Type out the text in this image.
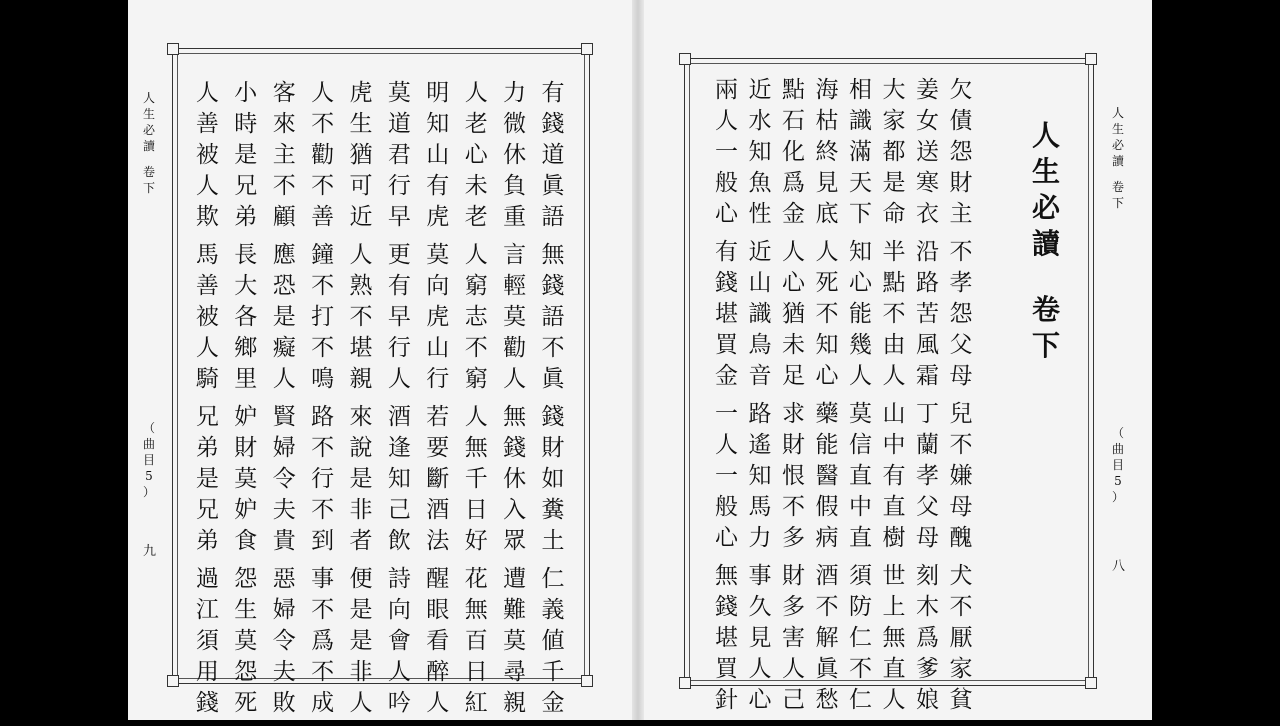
人
生
必
讀
卷
下
（
曲
目
5
）
九
有
錢
道
眞
語
無
錢
語
不
眞
錢
財
如
糞
土
仁
義
値
千
金
力
微
休
負
重
言
輕
莫
勸
人
無
錢
休
入
眾
遭
難
莫
尋
親
人
老
心
未
老
人
窮
志
不
窮
人
無
千
日
好
花
無
百
日
紅
明
知
山
有
虎
莫
向
虎
山
行
若
要
斷
酒
法
醒
眼
看
醉
人
莫
道
君
行
早
更
有
早
行
人
酒
逢
知
己
飲
詩
向
會
人
吟
虎
生
猶
可
近
人
熟
不
堪
親
來
說
是
非
者
便
是
是
非
人
人
不
勸
不
善
鐘
不
打
不
鳴
路
不
行
不
到
事
不
爲
不
成
客
來
主
不
顧
應
恐
是
癡
人
賢
婦
令
夫
貴
惡
婦
令
夫
敗
小
時
是
兄
弟
長
大
各
鄉
里
妒
財
莫
妒
食
怨
生
莫
怨
死
人
善
被
人
欺
馬
善
被
人
騎
兄
弟
是
兄
弟
過
江
須
用
錢
人
生
必
讀
卷
下
（
曲
目
5
）
八
人
生
必
讀
卷
下
欠
債
怨
財
主
不
孝
怨
父
母
兒
不
嫌
母
醜
犬
不
厭
家
貧
姜
女
送
寒
衣
沿
路
苦
風
霜
丁
蘭
孝
父
母
刻
木
爲
爹
娘
大
家
都
是
命
半
點
不
由
人
山
中
有
直
樹
世
上
無
直
人
相
識
滿
天
下
知
心
能
幾
人
莫
信
直
中
直
須
防
仁
不
仁
海
枯
終
見
底
人
死
不
知
心
藥
能
醫
假
病
酒
不
解
眞
愁
點
石
化
爲
金
人
心
猶
未
足
求
財
恨
不
多
財
多
害
人
己
近
水
知
魚
性
近
山
識
鳥
音
路
遙
知
馬
力
事
久
見
人
心
兩
人
一
般
心
有
錢
堪
買
金
一
人
一
般
心
無
錢
堪
買
針
